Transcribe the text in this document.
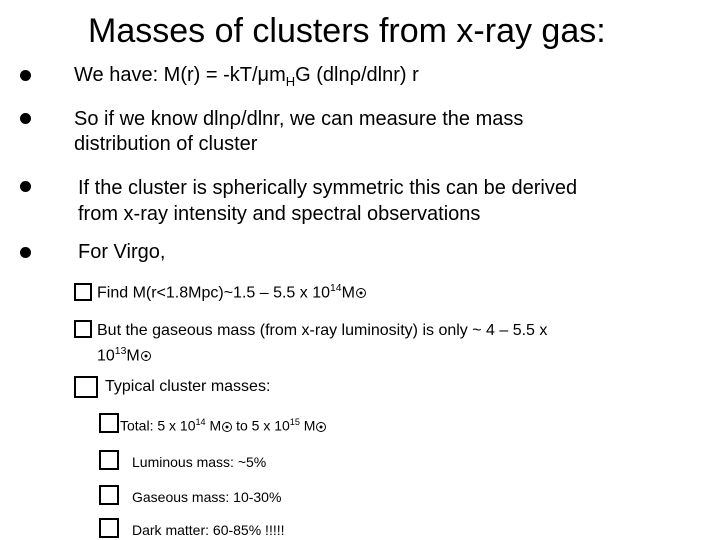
Masses of clusters from x-ray gas:
We have: $M(r) = -kT/\mu m_HG$ (dlnρ/dlnr) r
So if we know dlnρ/dlnr, we can measure the mass
distribution of cluster
If the cluster is spherically symmetric this can be derived
from x-ray intensity and spectral observations
For Virgo,
Find M(r<1.8Mpc)~1.5 – 5.5 x $10^{14}M$
But the gaseous mass (from x-ray luminosity) is only ~ 4 – 5.5 x
$10^{13}M$
Typical cluster masses:
Total: 5 x $10^{14}$ M to 5 x $10^{15}$ M
Luminous mass: ~5%
Gaseous mass: 10-30%
Dark matter: 60-85% !!!!!
